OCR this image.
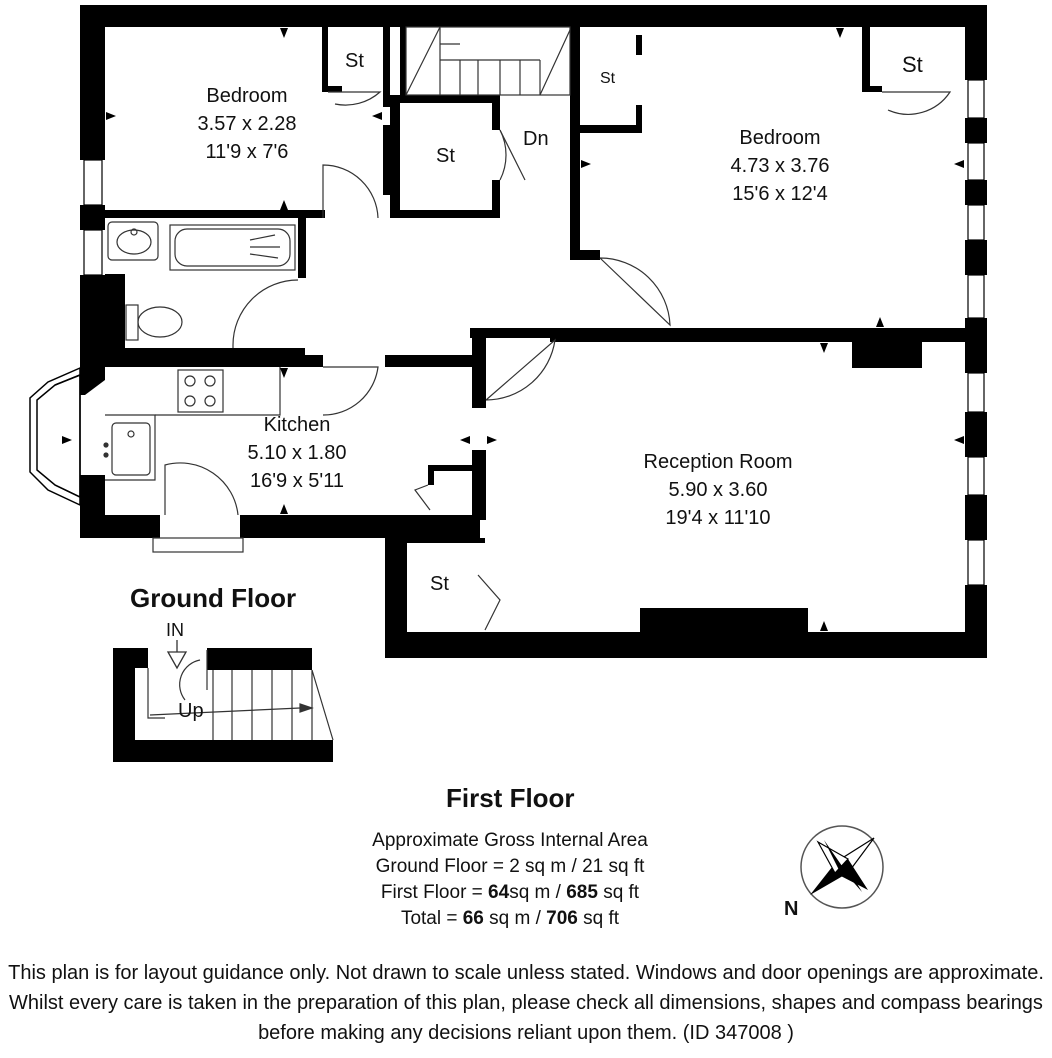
Bedroom
3.57 x 2.28
11'9 x 7'6
Bedroom
4.73 x 3.76
15'6 x 12'4
Kitchen
5.10 x 1.80
16'9 x 5'11
Reception Room
5.90 x 3.60
19'4 x 11'10
St
St
St
St
St
Dn
Up
IN
Ground Floor
First Floor
Approximate Gross Internal Area
Ground Floor = 2 sq m / 21 sq ft
First Floor = 64sq m / 685 sq ft
Total = 66 sq m / 706 sq ft	N
This plan is for layout guidance only. Not drawn to scale unless stated. Windows and door openings are approximate. Whilst every care is taken in the preparation of this plan, please check all dimensions, shapes and compass bearings before making any decisions reliant upon them. (ID 347008 )
